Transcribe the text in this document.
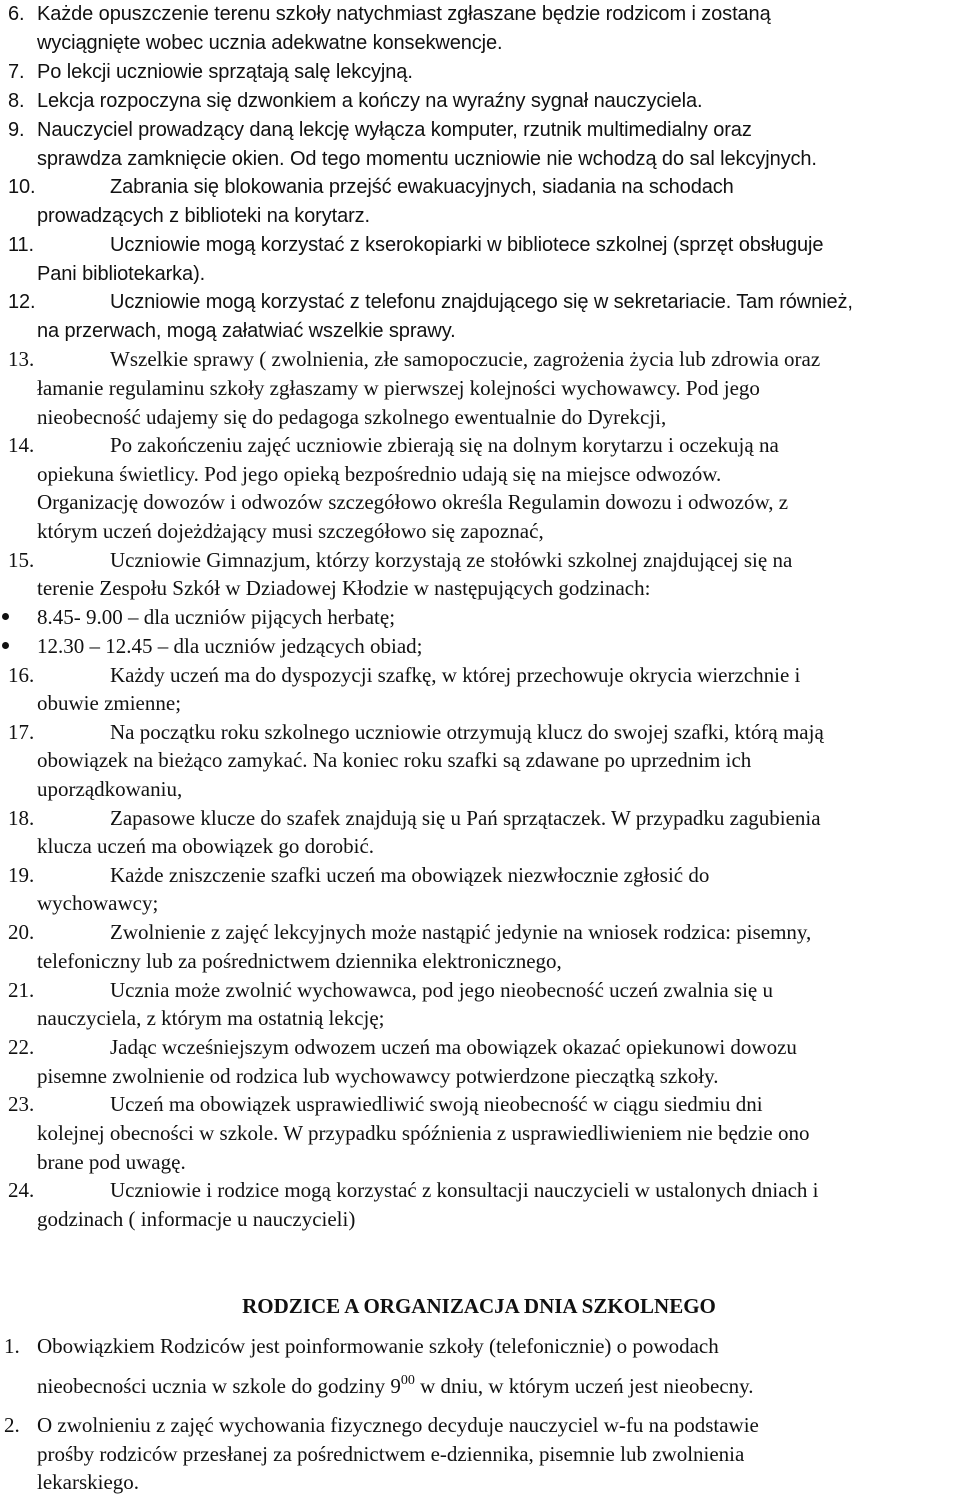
6. Każde opuszczenie terenu szkoły natychmiast zgłaszane będzie rodzicom i zostaną
wyciągnięte wobec ucznia adekwatne konsekwencje.
7. Po lekcji uczniowie sprzątają salę lekcyjną.
8. Lekcja rozpoczyna się dzwonkiem a kończy na wyraźny sygnał nauczyciela.
9. Nauczyciel prowadzący daną lekcję wyłącza komputer, rzutnik multimedialny oraz
sprawdza zamknięcie okien. Od tego momentu uczniowie nie wchodzą do sal lekcyjnych.
10.	Zabrania się blokowania przejść ewakuacyjnych, siadania na schodach
prowadzących z biblioteki na korytarz.
11.	Uczniowie mogą korzystać z kserokopiarki w bibliotece szkolnej (sprzęt obsługuje
Pani bibliotekarka).
12.	Uczniowie mogą korzystać z telefonu znajdującego się w sekretariacie. Tam również,
na przerwach, mogą załatwiać wszelkie sprawy.
13.	Wszelkie sprawy ( zwolnienia, złe samopoczucie, zagrożenia życia lub zdrowia oraz
łamanie regulaminu szkoły zgłaszamy w pierwszej kolejności wychowawcy. Pod jego
nieobecność udajemy się do pedagoga szkolnego ewentualnie do Dyrekcji,
14.	Po zakończeniu zajęć uczniowie zbierają się na dolnym korytarzu i oczekują na
opiekuna świetlicy. Pod jego opieką bezpośrednio udają się na miejsce odwozów.
Organizację dowozów i odwozów szczegółowo określa Regulamin dowozu i odwozów, z
którym uczeń dojeżdżający musi szczegółowo się zapoznać,
15.	Uczniowie Gimnazjum, którzy korzystają ze stołówki szkolnej znajdującej się na
terenie Zespołu Szkół w Dziadowej Kłodzie w następujących godzinach:
8.45- 9.00 – dla uczniów pijących herbatę;
12.30 – 12.45 – dla uczniów jedzących obiad;
16.	Każdy uczeń ma do dyspozycji szafkę, w której przechowuje okrycia wierzchnie i
obuwie zmienne;
17.	Na początku roku szkolnego uczniowie otrzymują klucz do swojej szafki, którą mają
obowiązek na bieżąco zamykać. Na koniec roku szafki są zdawane po uprzednim ich
uporządkowaniu,
18.	Zapasowe klucze do szafek znajdują się u Pań sprzątaczek. W przypadku zagubienia
klucza uczeń ma obowiązek go dorobić.
19.	Każde zniszczenie szafki uczeń ma obowiązek niezwłocznie zgłosić do
wychowawcy;
20.	Zwolnienie z zajęć lekcyjnych może nastąpić jedynie na wniosek rodzica: pisemny,
telefoniczny lub za pośrednictwem dziennika elektronicznego,
21.	Ucznia może zwolnić wychowawca, pod jego nieobecność uczeń zwalnia się u
nauczyciela, z którym ma ostatnią lekcję;
22.	Jadąc wcześniejszym odwozem uczeń ma obowiązek okazać opiekunowi dowozu
pisemne zwolnienie od rodzica lub wychowawcy potwierdzone pieczątką szkoły.
23.	Uczeń ma obowiązek usprawiedliwić swoją nieobecność w ciągu siedmiu dni
kolejnej obecności w szkole. W przypadku spóźnienia z usprawiedliwieniem nie będzie ono
brane pod uwagę.
24.	Uczniowie i rodzice mogą korzystać z konsultacji nauczycieli w ustalonych dniach i
godzinach ( informacje u nauczycieli)
RODZICE A ORGANIZACJA DNIA SZKOLNEGO
1. Obowiązkiem Rodziców jest poinformowanie szkoły (telefonicznie) o powodach
nieobecności ucznia w szkole do godziny $9^{00}$ w dniu, w którym uczeń jest nieobecny.
2. O zwolnieniu z zajęć wychowania fizycznego decyduje nauczyciel w-fu na podstawie
prośby rodziców przesłanej za pośrednictwem e-dziennika, pisemnie lub zwolnienia
lekarskiego.
